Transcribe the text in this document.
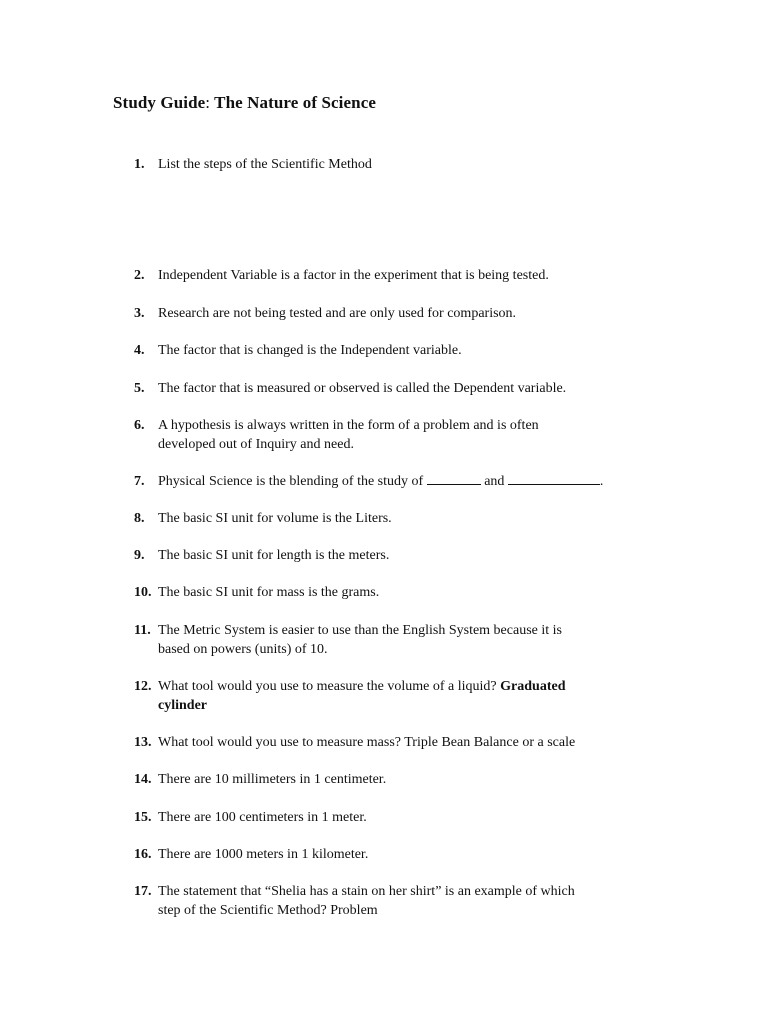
Study Guide: The Nature of Science
1. List the steps of the Scientific Method
2. Independent Variable is a factor in the experiment that is being tested.
3. Research are not being tested and are only used for comparison.
4. The factor that is changed is the Independent variable.
5. The factor that is measured or observed is called the Dependent variable.
6. A hypothesis is always written in the form of a problem and is often
developed out of Inquiry and need.
7. Physical Science is the blending of the study of	and	.
8. The basic SI unit for volume is the Liters.
9. The basic SI unit for length is the meters.
10. The basic SI unit for mass is the grams.
11. The Metric System is easier to use than the English System because it is
based on powers (units) of 10.
12. What tool would you use to measure the volume of a liquid? Graduated
cylinder
13. What tool would you use to measure mass? Triple Bean Balance or a scale
14. There are 10 millimeters in 1 centimeter.
15. There are 100 centimeters in 1 meter.
16. There are 1000 meters in 1 kilometer.
17. The statement that “Shelia has a stain on her shirt” is an example of which
step of the Scientific Method? Problem
